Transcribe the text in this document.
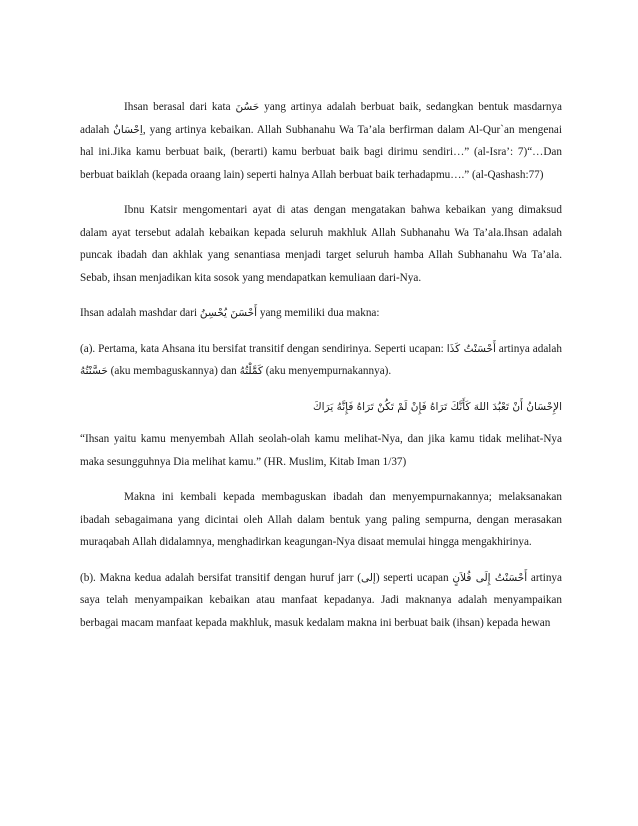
Ihsan berasal dari kata حَسُنَ yang artinya adalah berbuat baik, sedangkan bentuk masdarnya adalah اِحْسَانٌ, yang artinya kebaikan. Allah Subhanahu Wa Ta’ala berfirman dalam Al-Qur`an mengenai hal ini.Jika kamu berbuat baik, (berarti) kamu berbuat baik bagi dirimu sendiri…” (al-Isra’: 7)“…Dan berbuat baiklah (kepada oraang lain) seperti halnya Allah berbuat baik terhadapmu….” (al-Qashash:77)

Ibnu Katsir mengomentari ayat di atas dengan mengatakan bahwa kebaikan yang dimaksud dalam ayat tersebut adalah kebaikan kepada seluruh makhluk Allah Subhanahu Wa Ta’ala.Ihsan adalah puncak ibadah dan akhlak yang senantiasa menjadi target seluruh hamba Allah Subhanahu Wa Ta’ala. Sebab, ihsan menjadikan kita sosok yang mendapatkan kemuliaan dari-Nya.

Ihsan adalah mashdar dari أَحْسَنَ يُحْسِنُ yang memiliki dua makna:

(a). Pertama, kata Ahsana itu bersifat transitif dengan sendirinya. Seperti ucapan: أَحْسَنْتُ كَذَا artinya adalah حَسَّنْتُهُ (aku membaguskannya) dan كَمَّلْتُهُ (aku menyempurnakannya).

الإِحْسَانُ أَنْ تَعْبُدَ اللهَ كَأَنَّكَ تَرَاهُ فَإِنْ لَمْ تَكُنْ تَرَاهُ فَإِنَّهُ يَرَاكَ

“Ihsan yaitu kamu menyembah Allah seolah-olah kamu melihat-Nya, dan jika kamu tidak melihat-Nya maka sesungguhnya Dia melihat kamu.” (HR. Muslim, Kitab Iman 1/37)

Makna ini kembali kepada membaguskan ibadah dan menyempurnakannya; melaksanakan ibadah sebagaimana yang dicintai oleh Allah dalam bentuk yang paling sempurna, dengan merasakan muraqabah Allah didalamnya, menghadirkan keagungan-Nya disaat memulai hingga mengakhirinya.

(b). Makna kedua adalah bersifat transitif dengan huruf jarr (إلى) seperti ucapan أَحْسَنْتُ إِلَى فُلاَنٍ artinya saya telah menyampaikan kebaikan atau manfaat kepadanya. Jadi maknanya adalah menyampaikan berbagai macam manfaat kepada makhluk, masuk kedalam makna ini berbuat baik (ihsan) kepada hewan
